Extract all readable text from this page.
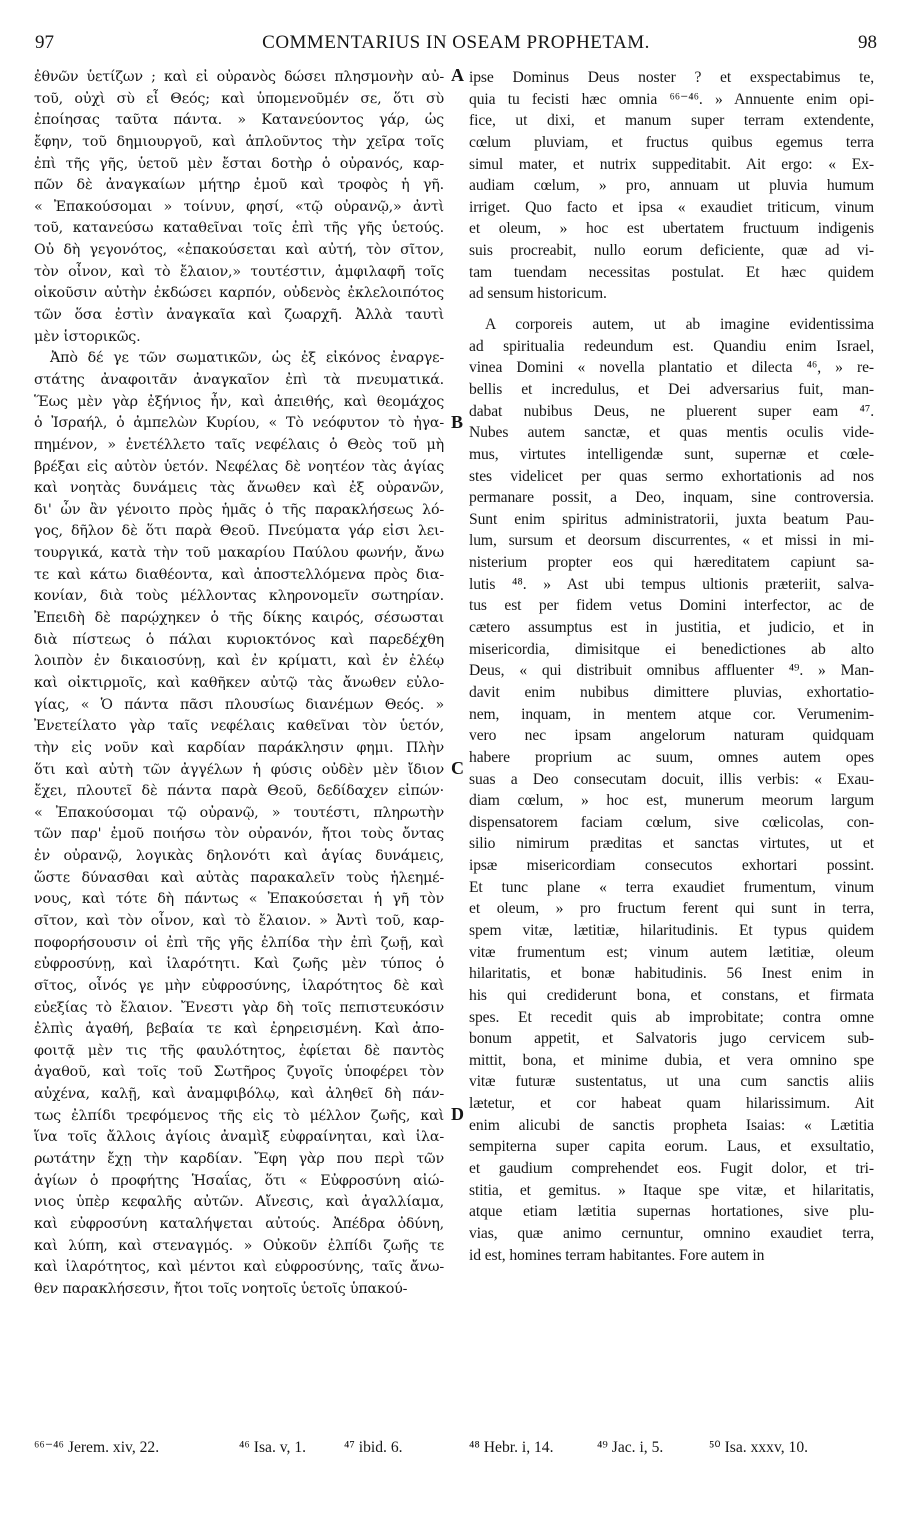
97	COMMENTARIUS IN OSEAM PROPHETAM.	98
ἐθνῶν ὑετίζων ; καὶ εἰ οὐρανὸς δώσει πλησμονὴν αὐ-
τοῦ, οὐχὶ σὺ εἶ Θεός; καὶ ὑπομενοῦμέν σε, ὅτι σὺ
ἐποίησας ταῦτα πάντα. » Κατανεύοντος γάρ, ὡς
ἔφην, τοῦ δημιουργοῦ, καὶ ἁπλοῦντος τὴν χεῖρα τοῖς
ἐπὶ τῆς γῆς, ὑετοῦ μὲν ἔσται δοτὴρ ὁ οὐρανός, καρ-
πῶν δὲ ἀναγκαίων μήτηρ ἐμοῦ καὶ τροφὸς ἡ γῆ.
« Ἐπακούσομαι » τοίνυν, φησί, «τῷ οὐρανῷ,» ἀντὶ
τοῦ, κατανεύσω καταθεῖναι τοῖς ἐπὶ τῆς γῆς ὑετούς.
Οὐ δὴ γεγονότος, «ἐπακούσεται καὶ αὐτή, τὸν σῖτον,
τὸν οἶνον, καὶ τὸ ἔλαιον,» τουτέστιν, ἀμφιλαφῆ τοῖς
οἰκοῦσιν αὐτὴν ἐκδώσει καρπόν, οὐδενὸς ἐκλελοιπότος
τῶν ὅσα ἐστὶν ἀναγκαῖα καὶ ζωαρχῆ. Ἀλλὰ ταυτὶ
μὲν ἱστορικῶς.
Ἀπὸ δέ γε τῶν σωματικῶν, ὡς ἐξ εἰκόνος ἐναργε-
στάτης ἀναφοιτᾶν ἀναγκαῖον ἐπὶ τὰ πνευματικά.
Ἕως μὲν γὰρ ἐξήνιος ἦν, καὶ ἀπειθής, καὶ θεομάχος
ὁ Ἰσραήλ, ὁ ἀμπελὼν Κυρίου, « Τὸ νεόφυτον τὸ ἠγα-
πημένον, » ἐνετέλλετο ταῖς νεφέλαις ὁ Θεὸς τοῦ μὴ
βρέξαι εἰς αὐτὸν ὑετόν. Νεφέλας δὲ νοητέον τὰς ἁγίας
καὶ νοητὰς δυνάμεις τὰς ἄνωθεν καὶ ἐξ οὐρανῶν,
δι' ὧν ἂν γένοιτο πρὸς ἡμᾶς ὁ τῆς παρακλήσεως λό-
γος, δῆλον δὲ ὅτι παρὰ Θεοῦ. Πνεύματα γάρ εἰσι λει-
τουργικά, κατὰ τὴν τοῦ μακαρίου Παύλου φωνήν, ἄνω
τε καὶ κάτω διαθέοντα, καὶ ἀποστελλόμενα πρὸς δια-
κονίαν, διὰ τοὺς μέλλοντας κληρονομεῖν σωτηρίαν.
Ἐπειδὴ δὲ παρῴχηκεν ὁ τῆς δίκης καιρός, σέσωσται
διὰ πίστεως ὁ πάλαι κυριοκτόνος καὶ παρεδέχθη
λοιπὸν ἐν δικαιοσύνῃ, καὶ ἐν κρίματι, καὶ ἐν ἐλέῳ
καὶ οἰκτιρμοῖς, καὶ καθῆκεν αὐτῷ τὰς ἄνωθεν εὐλο-
γίας, « Ὁ πάντα πᾶσι πλουσίως διανέμων Θεός. »
Ἐνετείλατο γὰρ ταῖς νεφέλαις καθεῖναι τὸν ὑετόν,
τὴν εἰς νοῦν καὶ καρδίαν παράκλησιν φημι. Πλὴν
ὅτι καὶ αὐτὴ τῶν ἀγγέλων ἡ φύσις οὐδὲν μὲν ἴδιον
ἔχει, πλουτεῖ δὲ πάντα παρὰ Θεοῦ, δεδίδαχεν εἰπών·
« Ἐπακούσομαι τῷ οὐρανῷ, » τουτέστι, πληρωτὴν
τῶν παρ' ἐμοῦ ποιήσω τὸν οὐρανόν, ἤτοι τοὺς ὄντας
ἐν οὐρανῷ, λογικὰς δηλονότι καὶ ἁγίας δυνάμεις,
ὥστε δύνασθαι καὶ αὐτὰς παρακαλεῖν τοὺς ἠλεημέ-
νους, καὶ τότε δὴ πάντως « Ἐπακούσεται ἡ γῆ τὸν
σῖτον, καὶ τὸν οἶνον, καὶ τὸ ἔλαιον. » Ἀντὶ τοῦ, καρ-
ποφορήσουσιν οἱ ἐπὶ τῆς γῆς ἐλπίδα τὴν ἐπὶ ζωῇ, καὶ
εὐφροσύνῃ, καὶ ἱλαρότητι. Καὶ ζωῆς μὲν τύπος ὁ
σῖτος, οἶνός γε μὴν εὐφροσύνης, ἱλαρότητος δὲ καὶ
εὐεξίας τὸ ἔλαιον. Ἔνεστι γὰρ δὴ τοῖς πεπιστευκόσιν
ἐλπὶς ἀγαθή, βεβαία τε καὶ ἐρηρεισμένη. Καὶ ἀπο-
φοιτᾷ μὲν τις τῆς φαυλότητος, ἐφίεται δὲ παντὸς
ἀγαθοῦ, καὶ τοῖς τοῦ Σωτῆρος ζυγοῖς ὑποφέρει τὸν
αὐχένα, καλῇ, καὶ ἀναμφιβόλῳ, καὶ ἀληθεῖ δὴ πάν-
τως ἐλπίδι τρεφόμενος τῆς εἰς τὸ μέλλον ζωῆς, καὶ
ἵνα τοῖς ἄλλοις ἁγίοις ἀναμὶξ εὐφραίνηται, καὶ ἱλα-
ρωτάτην ἔχῃ τὴν καρδίαν. Ἔφη γὰρ που περὶ τῶν
ἁγίων ὁ προφήτης Ἡσαΐας, ὅτι « Εὐφροσύνη αἰώ-
νιος ὑπὲρ κεφαλῆς αὐτῶν. Αἴνεσις, καὶ ἀγαλλίαμα,
καὶ εὐφροσύνη καταλήψεται αὐτούς. Ἀπέδρα ὀδύνη,
καὶ λύπη, καὶ στεναγμός. » Οὐκοῦν ἐλπίδι ζωῆς τε
καὶ ἱλαρότητος, καὶ μέντοι καὶ εὐφροσύνης, ταῖς ἄνω-
θεν παρακλήσεσιν, ἤτοι τοῖς νοητοῖς ὑετοῖς ὑπακού-
ipse Dominus Deus noster ? et exspectabimus te,
quia tu fecisti hæc omnia ⁶⁶⁻⁴⁶. » Annuente enim opi-
fice, ut dixi, et manum super terram extendente,
cœlum pluviam, et fructus quibus egemus terra
simul mater, et nutrix suppeditabit. Ait ergo: « Ex-
audiam cœlum, » pro, annuam ut pluvia humum
irriget. Quo facto et ipsa « exaudiet triticum, vinum
et oleum, » hoc est ubertatem fructuum indigenis
suis procreabit, nullo eorum deficiente, quæ ad vi-
tam tuendam necessitas postulat. Et hæc quidem
ad sensum historicum.
A corporeis autem, ut ab imagine evidentissima
ad spiritualia redeundum est. Quandiu enim Israel,
vinea Domini « novella plantatio et dilecta ⁴⁶, » re-
bellis et incredulus, et Dei adversarius fuit, man-
dabat nubibus Deus, ne pluerent super eam ⁴⁷.
Nubes autem sanctæ, et quas mentis oculis vide-
mus, virtutes intelligendæ sunt, supernæ et cœle-
stes videlicet per quas sermo exhortationis ad nos
permanare possit, a Deo, inquam, sine controversia.
Sunt enim spiritus administratorii, juxta beatum Pau-
lum, sursum et deorsum discurrentes, « et missi in mi-
nisterium propter eos qui hæreditatem capiunt sa-
lutis ⁴⁸. » Ast ubi tempus ultionis præteriit, salva-
tus est per fidem vetus Domini interfector, ac de
cætero assumptus est in justitia, et judicio, et in
misericordia, dimisitque ei benedictiones ab alto
Deus, « qui distribuit omnibus affluenter ⁴⁹. » Man-
davit enim nubibus dimittere pluvias, exhortatio-
nem, inquam, in mentem atque cor. Verumenim-
vero nec ipsam angelorum naturam quidquam
habere proprium ac suum, omnes autem opes
suas a Deo consecutam docuit, illis verbis: « Exau-
diam cœlum, » hoc est, munerum meorum largum
dispensatorem faciam cœlum, sive cœlicolas, con-
silio nimirum præditas et sanctas virtutes, ut et
ipsæ misericordiam consecutos exhortari possint.
Et tunc plane « terra exaudiet frumentum, vinum
et oleum, » pro fructum ferent qui sunt in terra,
spem vitæ, lætitiæ, hilaritudinis. Et typus quidem
vitæ frumentum est; vinum autem lætitiæ, oleum
hilaritatis, et bonæ habitudinis. 56 Inest enim in
his qui crediderunt bona, et constans, et firmata
spes. Et recedit quis ab improbitate; contra omne
bonum appetit, et Salvatoris jugo cervicem sub-
mittit, bona, et minime dubia, et vera omnino spe
vitæ futuræ sustentatus, ut una cum sanctis aliis
lætetur, et cor habeat quam hilarissimum. Ait
enim alicubi de sanctis propheta Isaias: « Lætitia
sempiterna super capita eorum. Laus, et exsultatio,
et gaudium comprehendet eos. Fugit dolor, et tri-
stitia, et gemitus. » Itaque spe vitæ, et hilaritatis,
atque etiam lætitia supernas hortationes, sive plu-
vias, quæ animo cernuntur, omnino exaudiet terra,
id est, homines terram habitantes. Fore autem in
A
B
C
D
⁶⁶⁻⁴⁶ Jerem. xiv, 22.	⁴⁶ Isa. v, 1. ⁴⁷ ibid. 6.	⁴⁸ Hebr. i, 14.	⁴⁹ Jac. i, 5.	⁵⁰ Isa. xxxv, 10.
